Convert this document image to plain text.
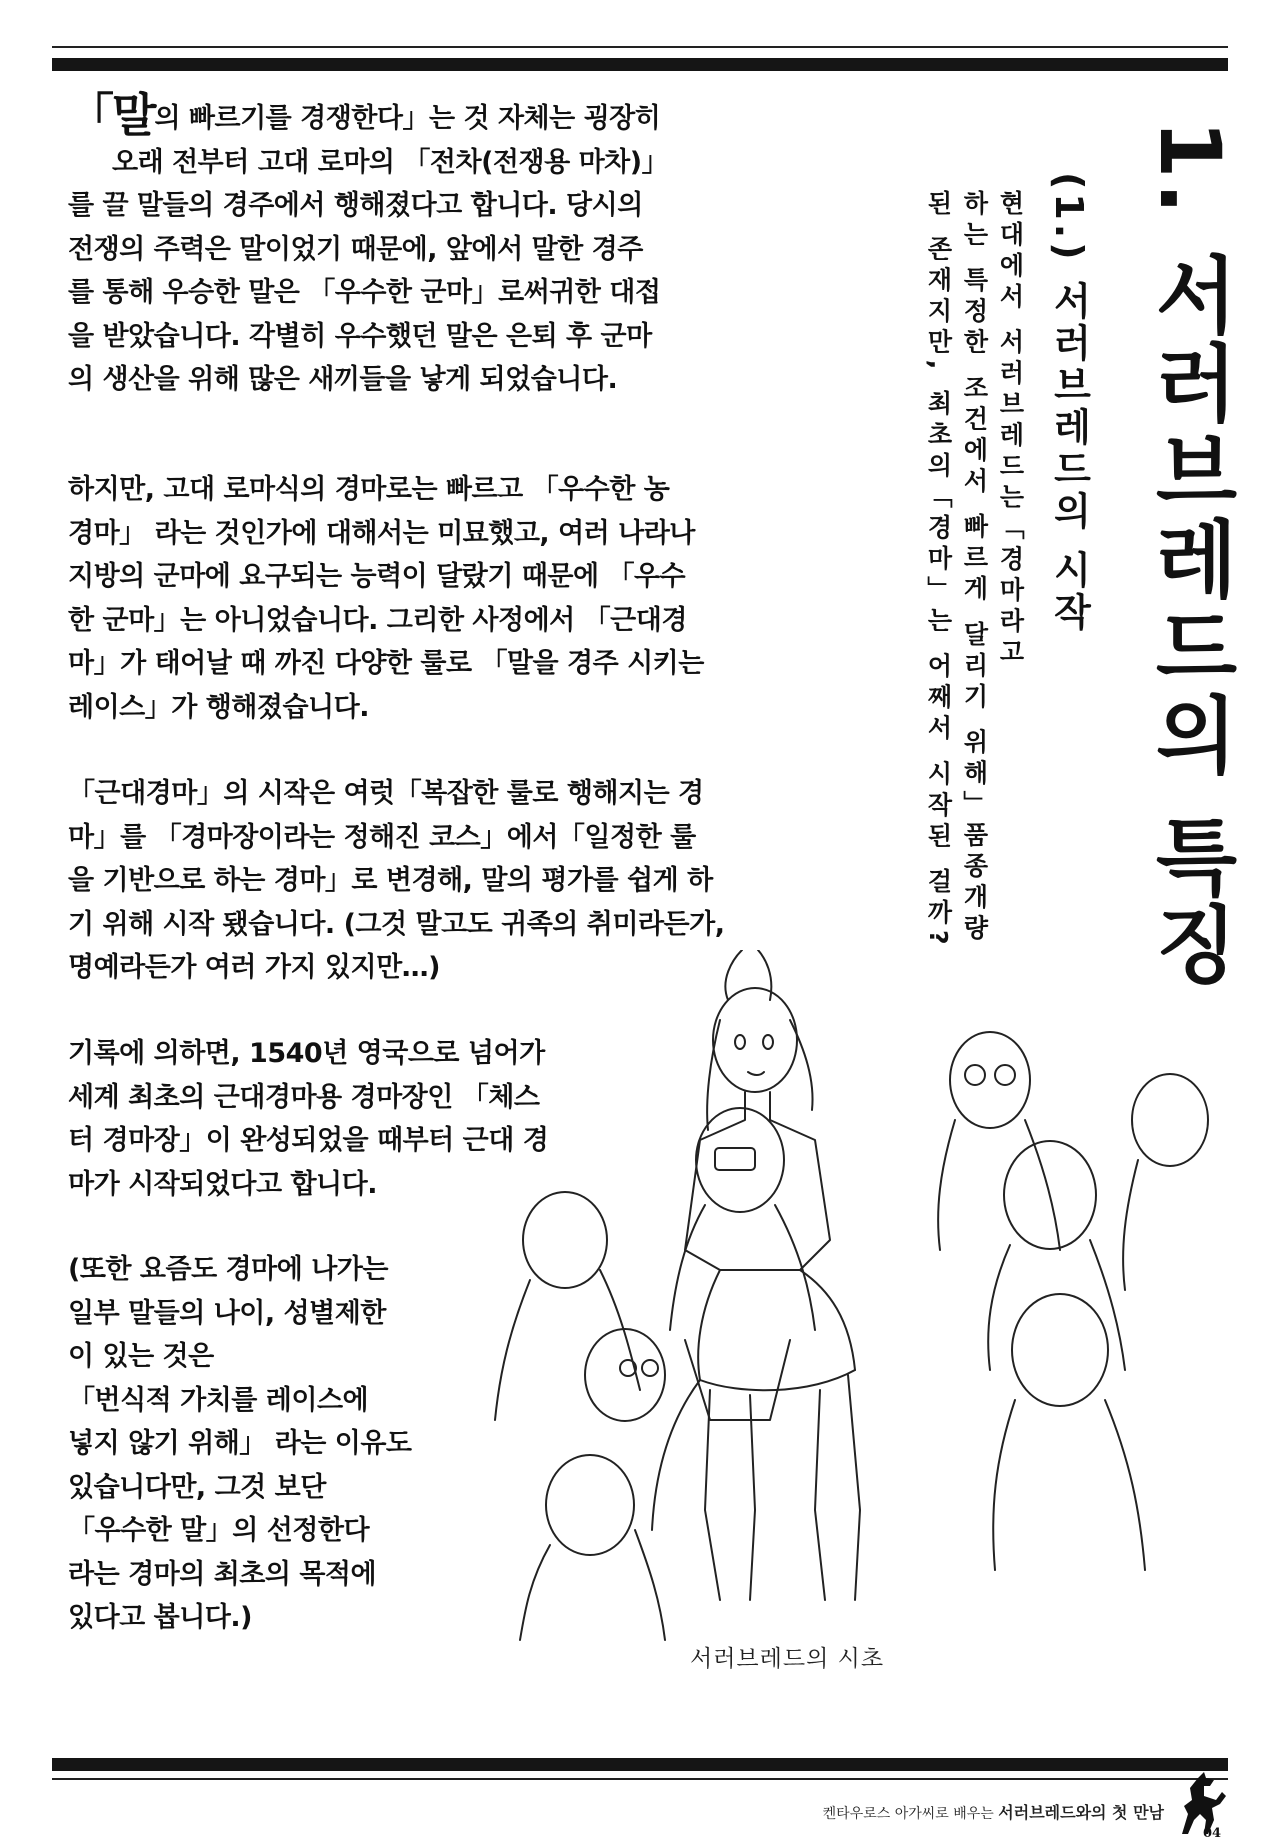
1. 서러브레드의 특징
(1.) 서러브레드의 시작
현대에서 서러브레드는「경마라고
하는 특정한 조건에서 빠르게 달리기 위해」품종개량
된 존재지만, 최초의「경마」는 어째서 시작된 걸까?
「말의 빠르기를 경쟁한다」는 것 자체는 굉장히
오래 전부터 고대 로마의 「전차(전쟁용 마차)」
를 끌 말들의 경주에서 행해졌다고 합니다. 당시의
전쟁의 주력은 말이었기 때문에, 앞에서 말한 경주
를 통해 우승한 말은 「우수한 군마」로써귀한 대접
을 받았습니다. 각별히 우수했던 말은 은퇴 후 군마
의 생산을 위해 많은 새끼들을 낳게 되었습니다.
하지만, 고대 로마식의 경마로는 빠르고 「우수한 농
경마」 라는 것인가에 대해서는 미묘했고, 여러 나라나
지방의 군마에 요구되는 능력이 달랐기 때문에 「우수
한 군마」는 아니었습니다. 그리한 사정에서 「근대경
마」가 태어날 때 까진 다양한 룰로 「말을 경주 시키는
레이스」가 행해졌습니다.
「근대경마」의 시작은 여럿「복잡한 룰로 행해지는 경
마」를 「경마장이라는 정해진 코스」에서「일정한 룰
을 기반으로 하는 경마」로 변경해, 말의 평가를 쉽게 하
기 위해 시작 됐습니다. (그것 말고도 귀족의 취미라든가,
명예라든가 여러 가지 있지만…)
기록에 의하면, 1540년 영국으로 넘어가
세계 최초의 근대경마용 경마장인 「체스
터 경마장」이 완성되었을 때부터 근대 경
마가 시작되었다고 합니다.
(또한 요즘도 경마에 나가는
일부 말들의 나이, 성별제한
이 있는 것은
「번식적 가치를 레이스에
넣지 않기 위해」 라는 이유도
있습니다만, 그것 보단
「우수한 말」의 선정한다
라는 경마의 최초의 목적에
있다고 봅니다.)
서러브레드의 시초
켄타우로스 아가씨로 배우는 서러브레드와의 첫 만남
04
